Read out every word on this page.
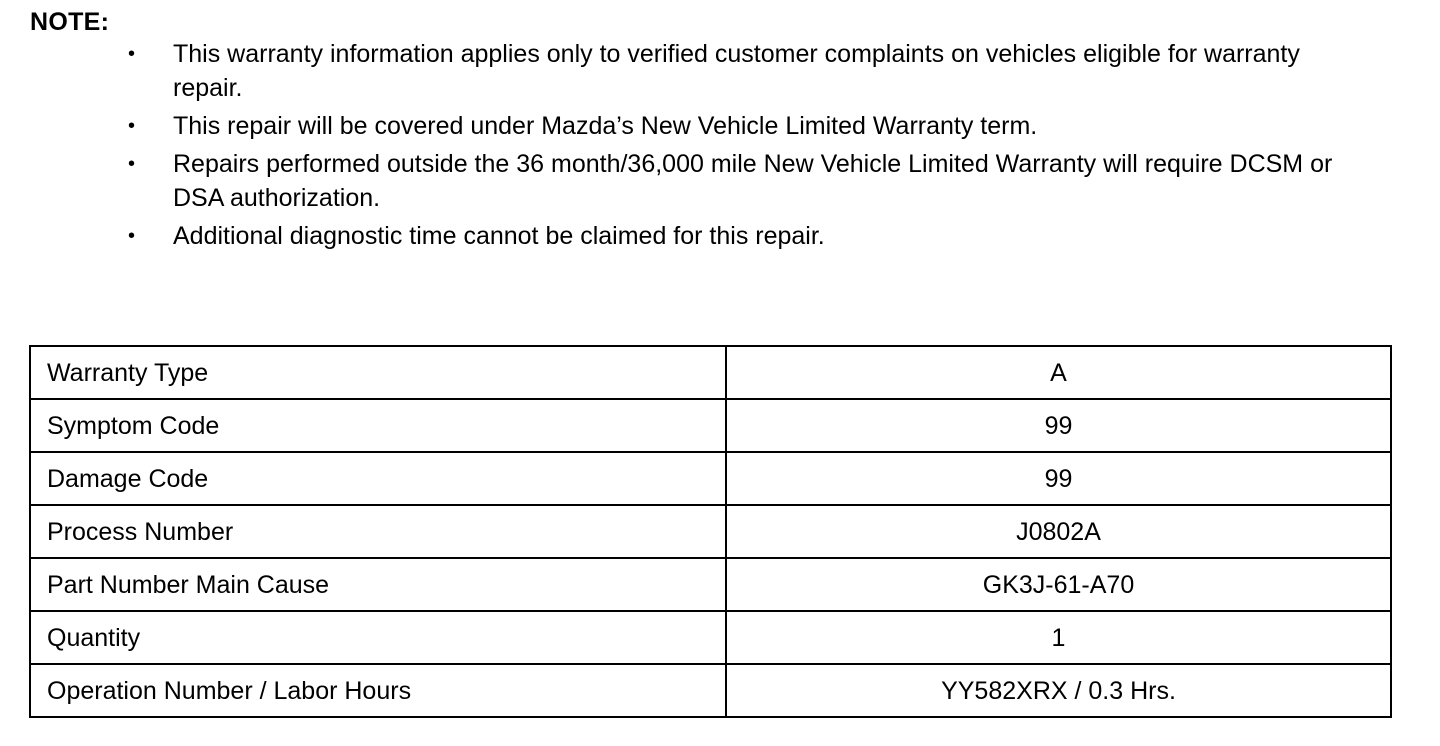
NOTE:
• This warranty information applies only to verified customer complaints on vehicles eligible for warranty repair.
• This repair will be covered under Mazda’s New Vehicle Limited Warranty term.
• Repairs performed outside the 36 month/36,000 mile New Vehicle Limited Warranty will require DCSM or DSA authorization.
• Additional diagnostic time cannot be claimed for this repair.
Warranty Type	A
Symptom Code	99
Damage Code	99
Process Number	J0802A
Part Number Main Cause	GK3J-61-A70
Quantity	1
Operation Number / Labor Hours	YY582XRX / 0.3 Hrs.
